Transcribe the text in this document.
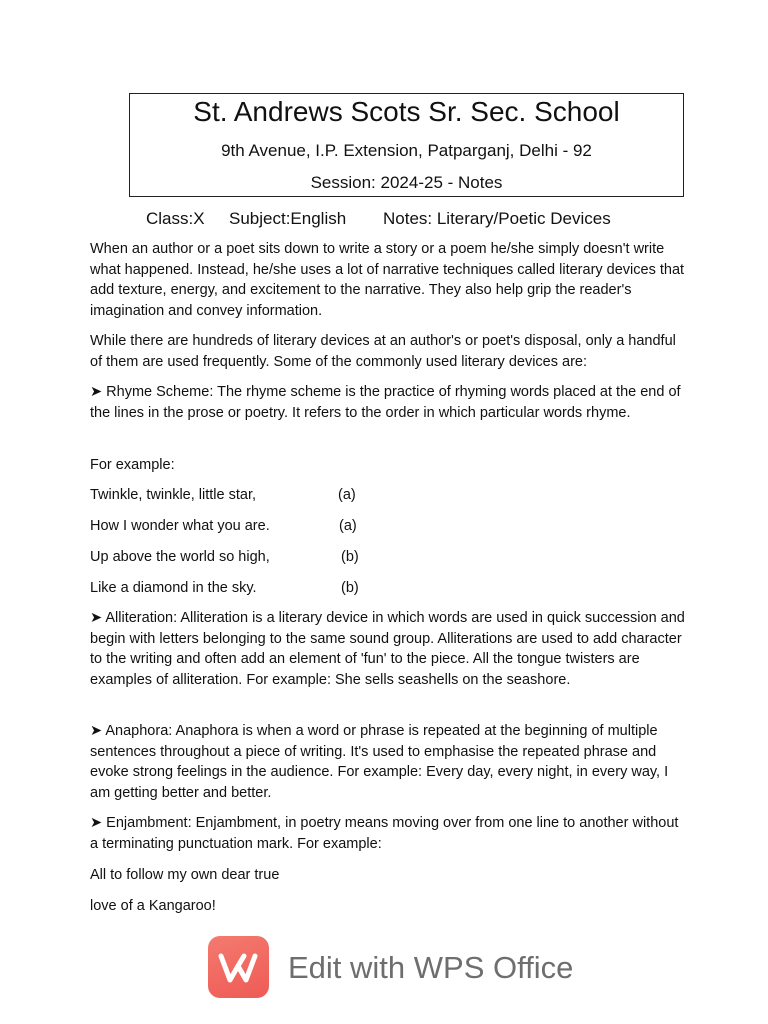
St. Andrews Scots Sr. Sec. School
9th Avenue, I.P. Extension, Patparganj, Delhi - 92
Session: 2024-25 - Notes
Class:X Subject:English Notes: Literary/Poetic Devices

When an author or a poet sits down to write a story or a poem he/she simply doesn't write what happened. Instead, he/she uses a lot of narrative techniques called literary devices that add texture, energy, and excitement to the narrative. They also help grip the reader's imagination and convey information.

While there are hundreds of literary devices at an author's or poet's disposal, only a handful of them are used frequently. Some of the commonly used literary devices are:

➤ Rhyme Scheme: The rhyme scheme is the practice of rhyming words placed at the end of the lines in the prose or poetry. It refers to the order in which particular words rhyme.

For example:

Twinkle, twinkle, little star,	(a)

How I wonder what you are.	(a)

Up above the world so high,	(b)

Like a diamond in the sky.	(b)

➤ Alliteration: Alliteration is a literary device in which words are used in quick succession and begin with letters belonging to the same sound group. Alliterations are used to add character to the writing and often add an element of 'fun' to the piece. All the tongue twisters are examples of alliteration. For example: She sells seashells on the seashore.

➤ Anaphora: Anaphora is when a word or phrase is repeated at the beginning of multiple sentences throughout a piece of writing. It's used to emphasise the repeated phrase and evoke strong feelings in the audience. For example: Every day, every night, in every way, I am getting better and better.

➤ Enjambment: Enjambment, in poetry means moving over from one line to another without a terminating punctuation mark. For example:

All to follow my own dear true

love of a Kangaroo!

Edit with WPS Office
